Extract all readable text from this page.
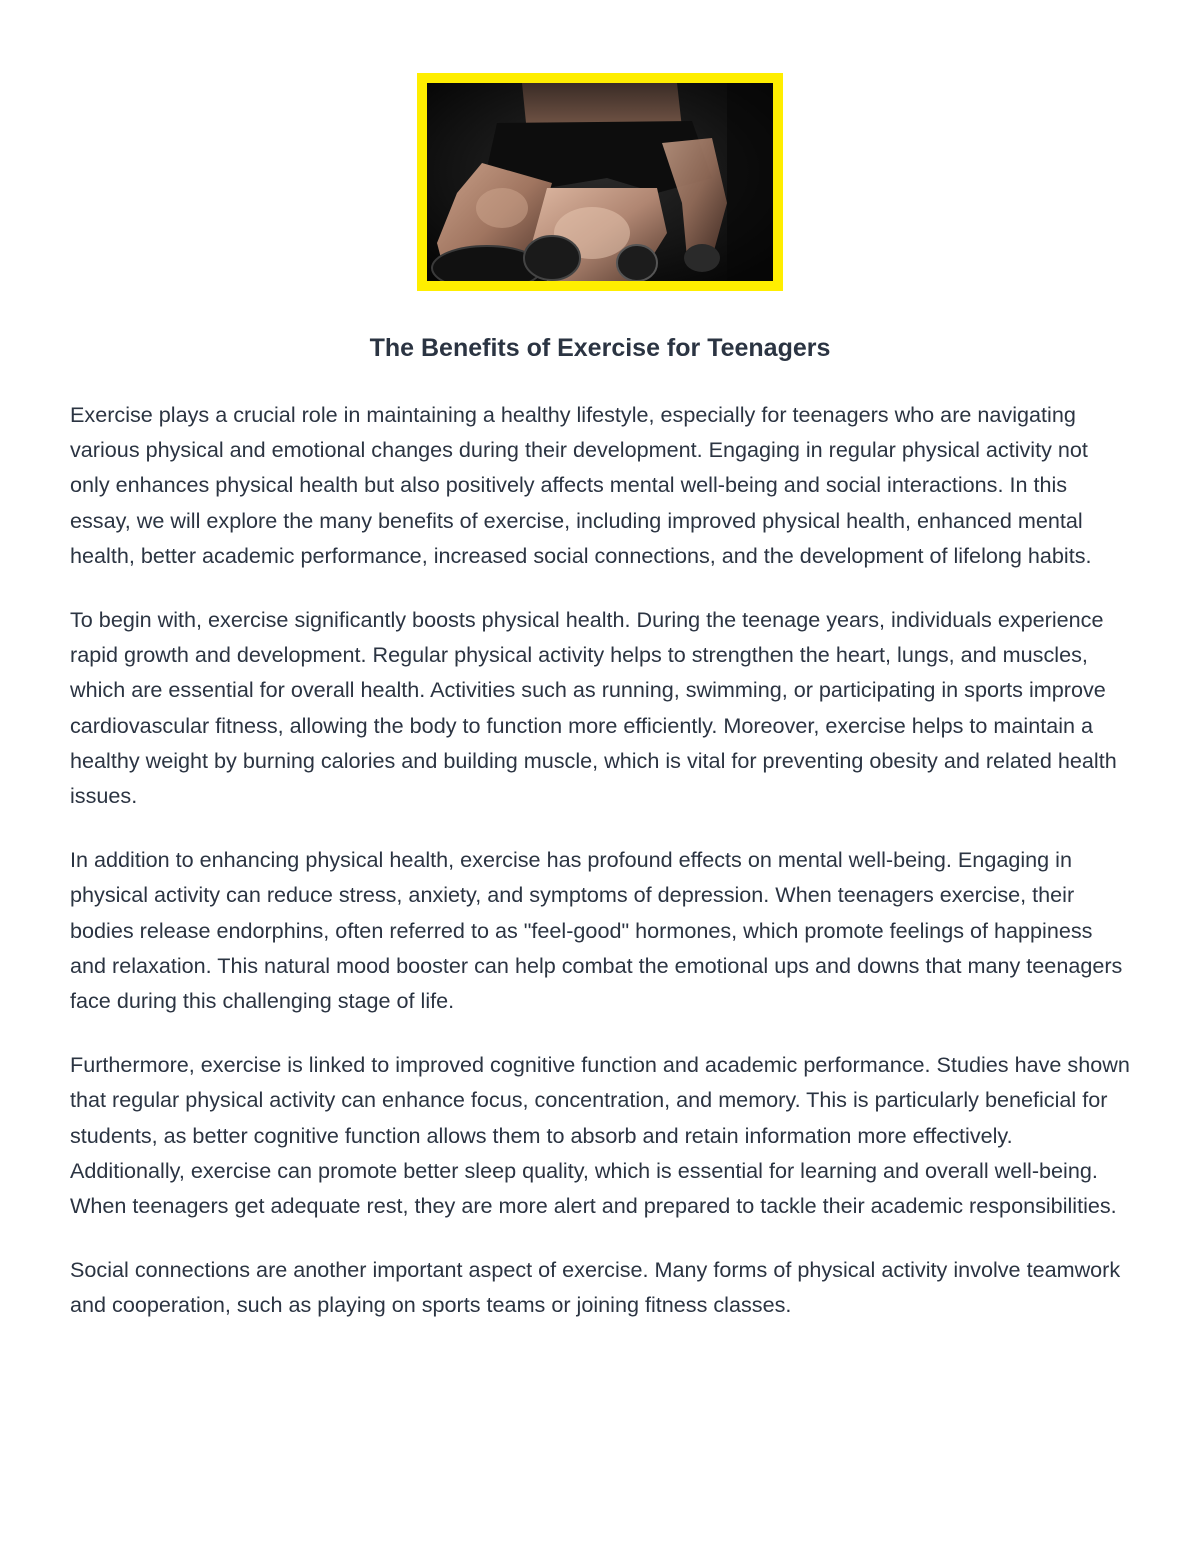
The Benefits of Exercise for Teenagers

Exercise plays a crucial role in maintaining a healthy lifestyle, especially for teenagers who are navigating various physical and emotional changes during their development. Engaging in regular physical activity not only enhances physical health but also positively affects mental well-being and social interactions. In this essay, we will explore the many benefits of exercise, including improved physical health, enhanced mental health, better academic performance, increased social connections, and the development of lifelong habits.

To begin with, exercise significantly boosts physical health. During the teenage years, individuals experience rapid growth and development. Regular physical activity helps to strengthen the heart, lungs, and muscles, which are essential for overall health. Activities such as running, swimming, or participating in sports improve cardiovascular fitness, allowing the body to function more efficiently. Moreover, exercise helps to maintain a healthy weight by burning calories and building muscle, which is vital for preventing obesity and related health issues.

In addition to enhancing physical health, exercise has profound effects on mental well-being. Engaging in physical activity can reduce stress, anxiety, and symptoms of depression. When teenagers exercise, their bodies release endorphins, often referred to as "feel-good" hormones, which promote feelings of happiness and relaxation. This natural mood booster can help combat the emotional ups and downs that many teenagers face during this challenging stage of life.

Furthermore, exercise is linked to improved cognitive function and academic performance. Studies have shown that regular physical activity can enhance focus, concentration, and memory. This is particularly beneficial for students, as better cognitive function allows them to absorb and retain information more effectively. Additionally, exercise can promote better sleep quality, which is essential for learning and overall well-being. When teenagers get adequate rest, they are more alert and prepared to tackle their academic responsibilities.

Social connections are another important aspect of exercise. Many forms of physical activity involve teamwork and cooperation, such as playing on sports teams or joining fitness classes.
